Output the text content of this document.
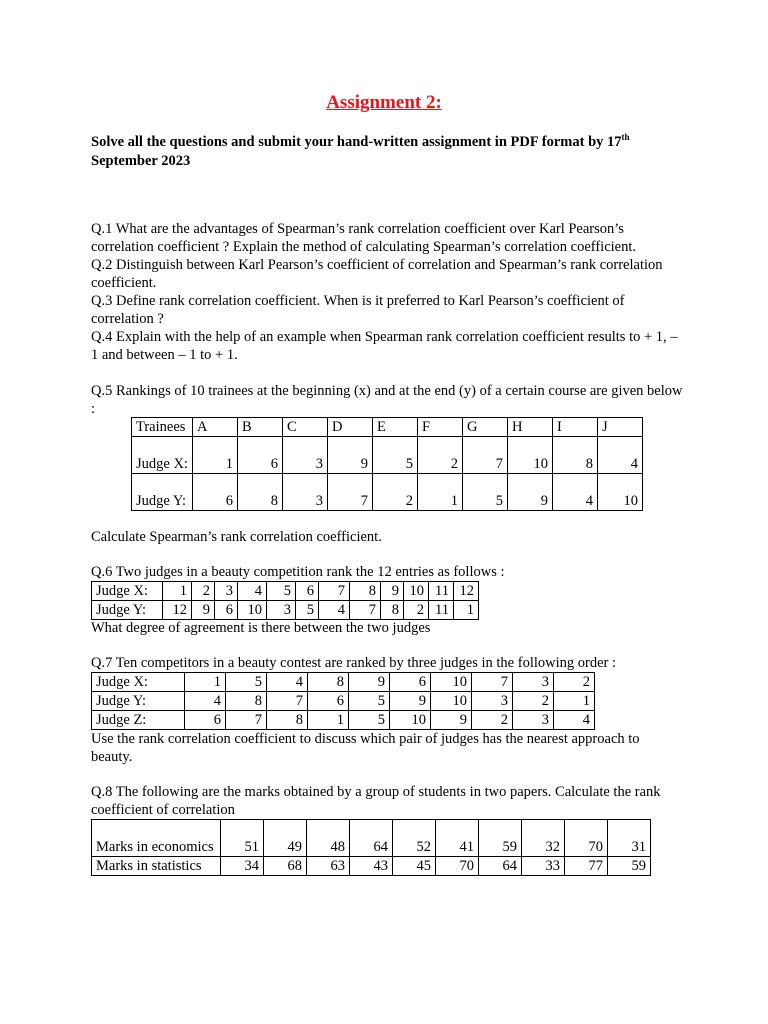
Assignment 2:
Solve all the questions and submit your hand-written assignment in PDF format by 17th
September 2023

Q.1 What are the advantages of Spearman’s rank correlation coefficient over Karl Pearson’s correlation coefficient ? Explain the method of calculating Spearman’s correlation coefficient.

Q.2 Distinguish between Karl Pearson’s coefficient of correlation and Spearman’s rank correlation coefficient.

Q.3 Define rank correlation coefficient. When is it preferred to Karl Pearson’s coefficient of correlation ?

Q.4 Explain with the help of an example when Spearman rank correlation coefficient results to + 1, – 1 and between – 1 to + 1.

Q.5 Rankings of 10 trainees at the beginning (x) and at the end (y) of a certain course are given below :

Trainees	A	B	C	D	E	F	G	H	I	J
Judge X:	1	6	3	9	5	2	7	10	8	4
Judge Y:	6	8	3	7	2	1	5	9	4	10

Calculate Spearman’s rank correlation coefficient.

Q.6 Two judges in a beauty competition rank the 12 entries as follows :

Judge X:	1	2	3	4	5	6	7	8	9	10	11	12
Judge Y:	12	9	6	10	3	5	4	7	8	2	11	1

What degree of agreement is there between the two judges

Q.7 Ten competitors in a beauty contest are ranked by three judges in the following order :

Judge X:	1	5	4	8	9	6	10	7	3	2
Judge Y:	4	8	7	6	5	9	10	3	2	1
Judge Z:	6	7	8	1	5	10	9	2	3	4

Use the rank correlation coefficient to discuss which pair of judges has the nearest approach to beauty.

Q.8 The following are the marks obtained by a group of students in two papers. Calculate the rank coefficient of correlation

Marks in economics	51	49	48	64	52	41	59	32	70	31
Marks in statistics	34	68	63	43	45	70	64	33	77	59
